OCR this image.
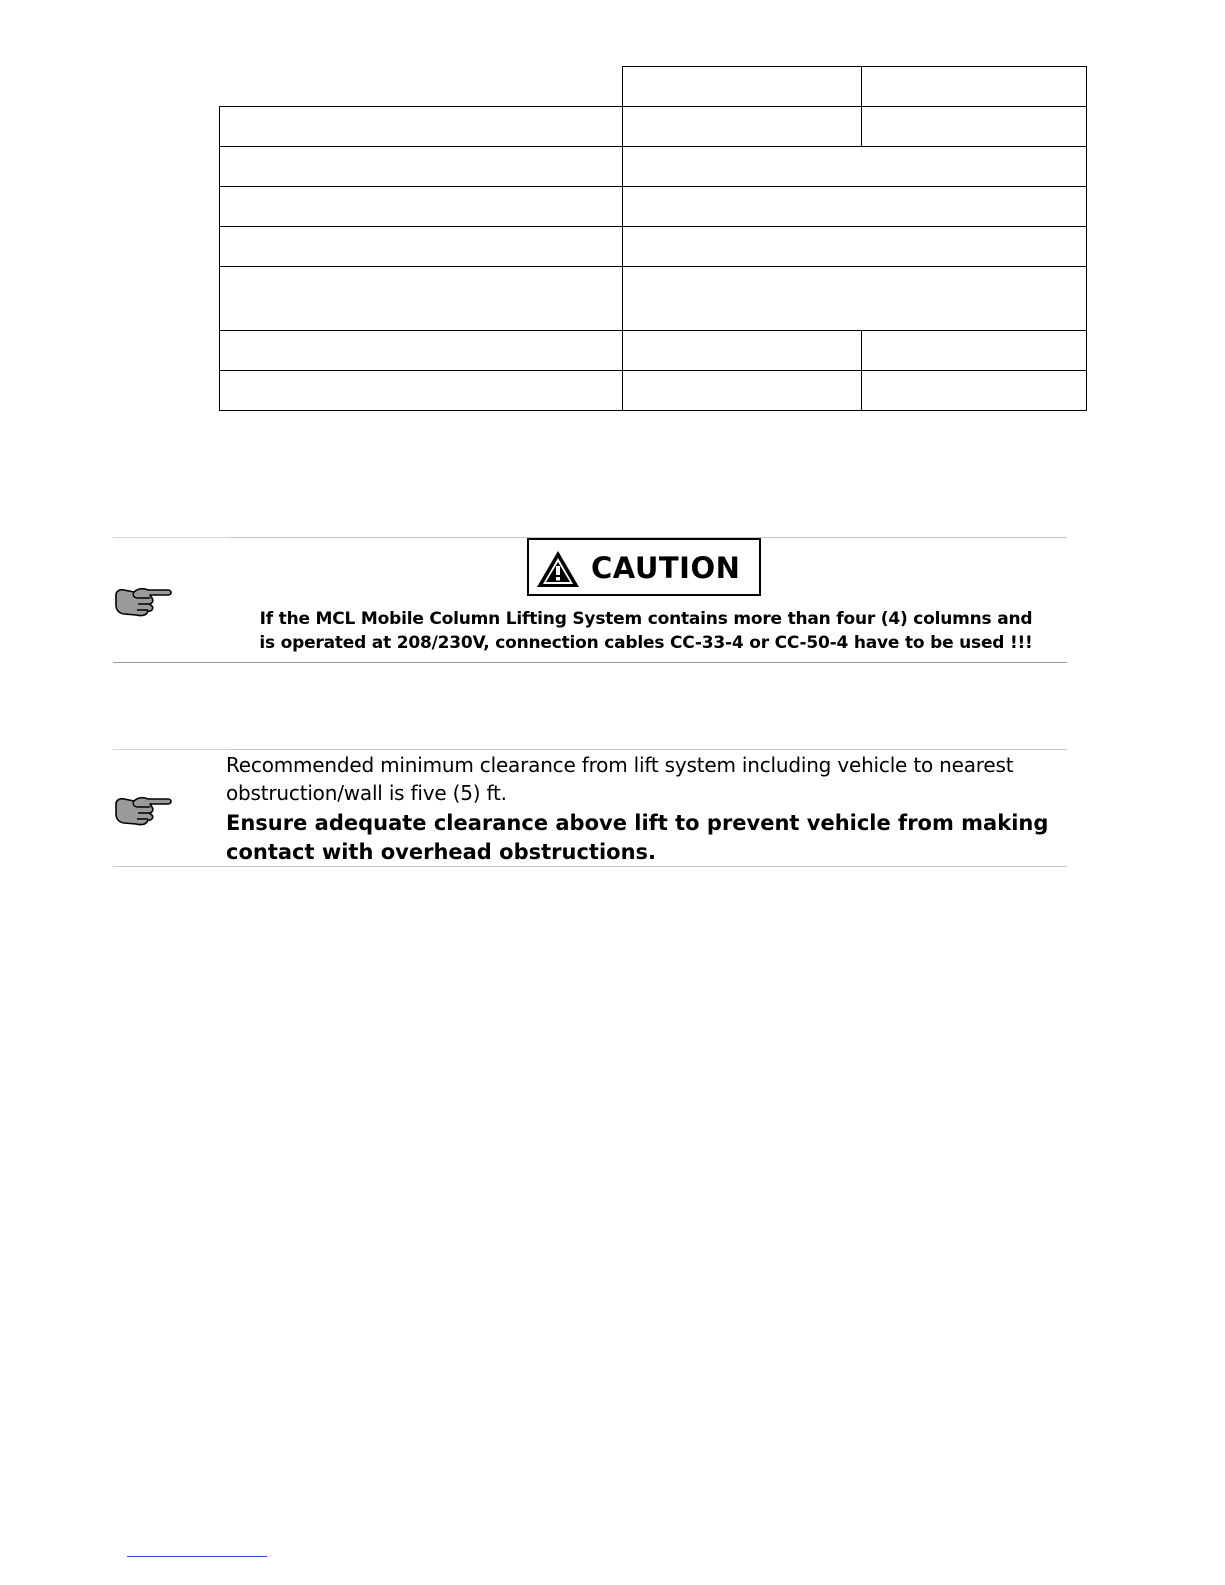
CAUTION
If the MCL Mobile Column Lifting System contains more than four (4) columns and
is operated at 208/230V, connection cables CC-33-4 or CC-50-4 have to be used !!!
Recommended minimum clearance from lift system including vehicle to nearest
obstruction/wall is five (5) ft.
Ensure adequate clearance above lift to prevent vehicle from making
contact with overhead obstructions.
